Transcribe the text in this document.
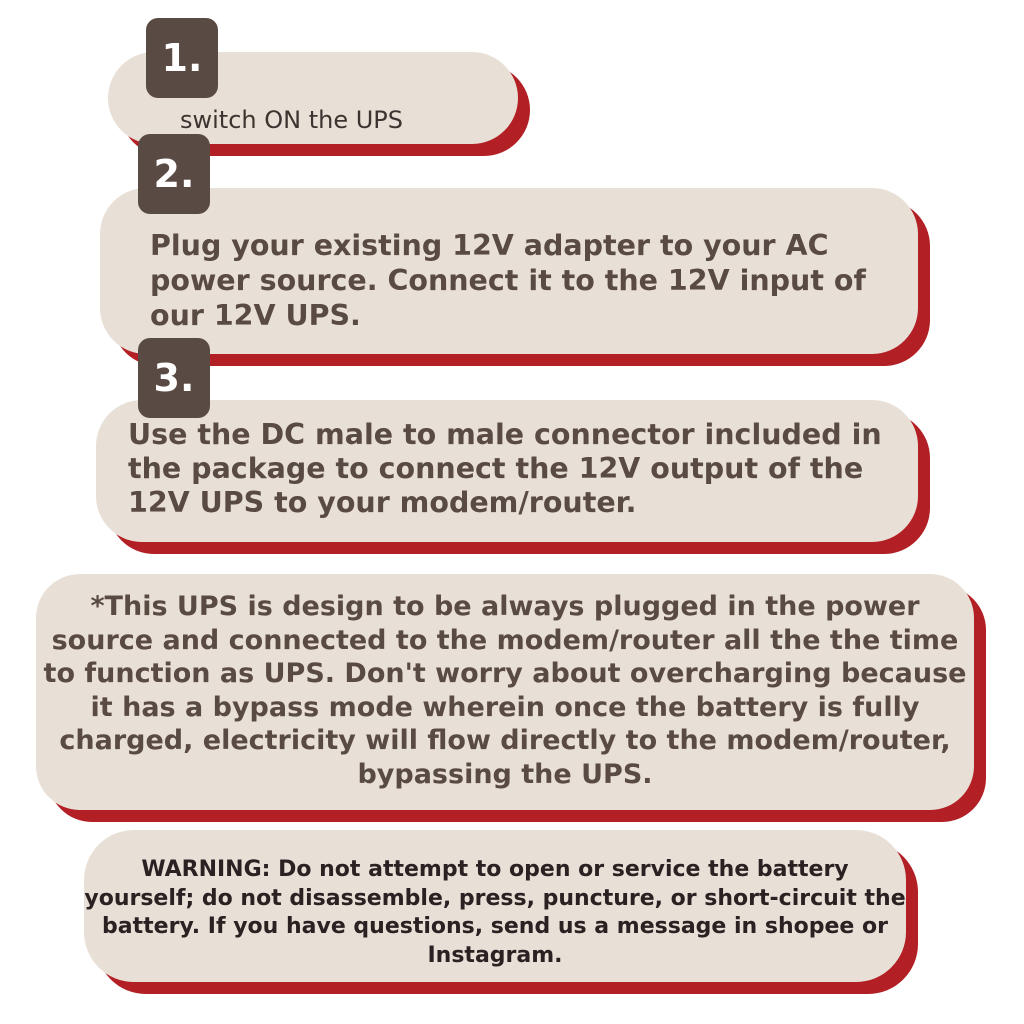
switch ON the UPS

1.

Plug your existing 12V adapter to your AC power source. Connect it to the 12V input of our 12V UPS.

2.

Use the DC male to male connector included in the package to connect the 12V output of the 12V UPS to your modem/router.

3.

*This UPS is design to be always plugged in the power source and connected to the modem/router all the the time to function as UPS. Don't worry about overcharging because it has a bypass mode wherein once the battery is fully charged, electricity will flow directly to the modem/router, bypassing the UPS.

WARNING: Do not attempt to open or service the battery yourself; do not disassemble, press, puncture, or short-circuit the battery. If you have questions, send us a message in shopee or Instagram.
